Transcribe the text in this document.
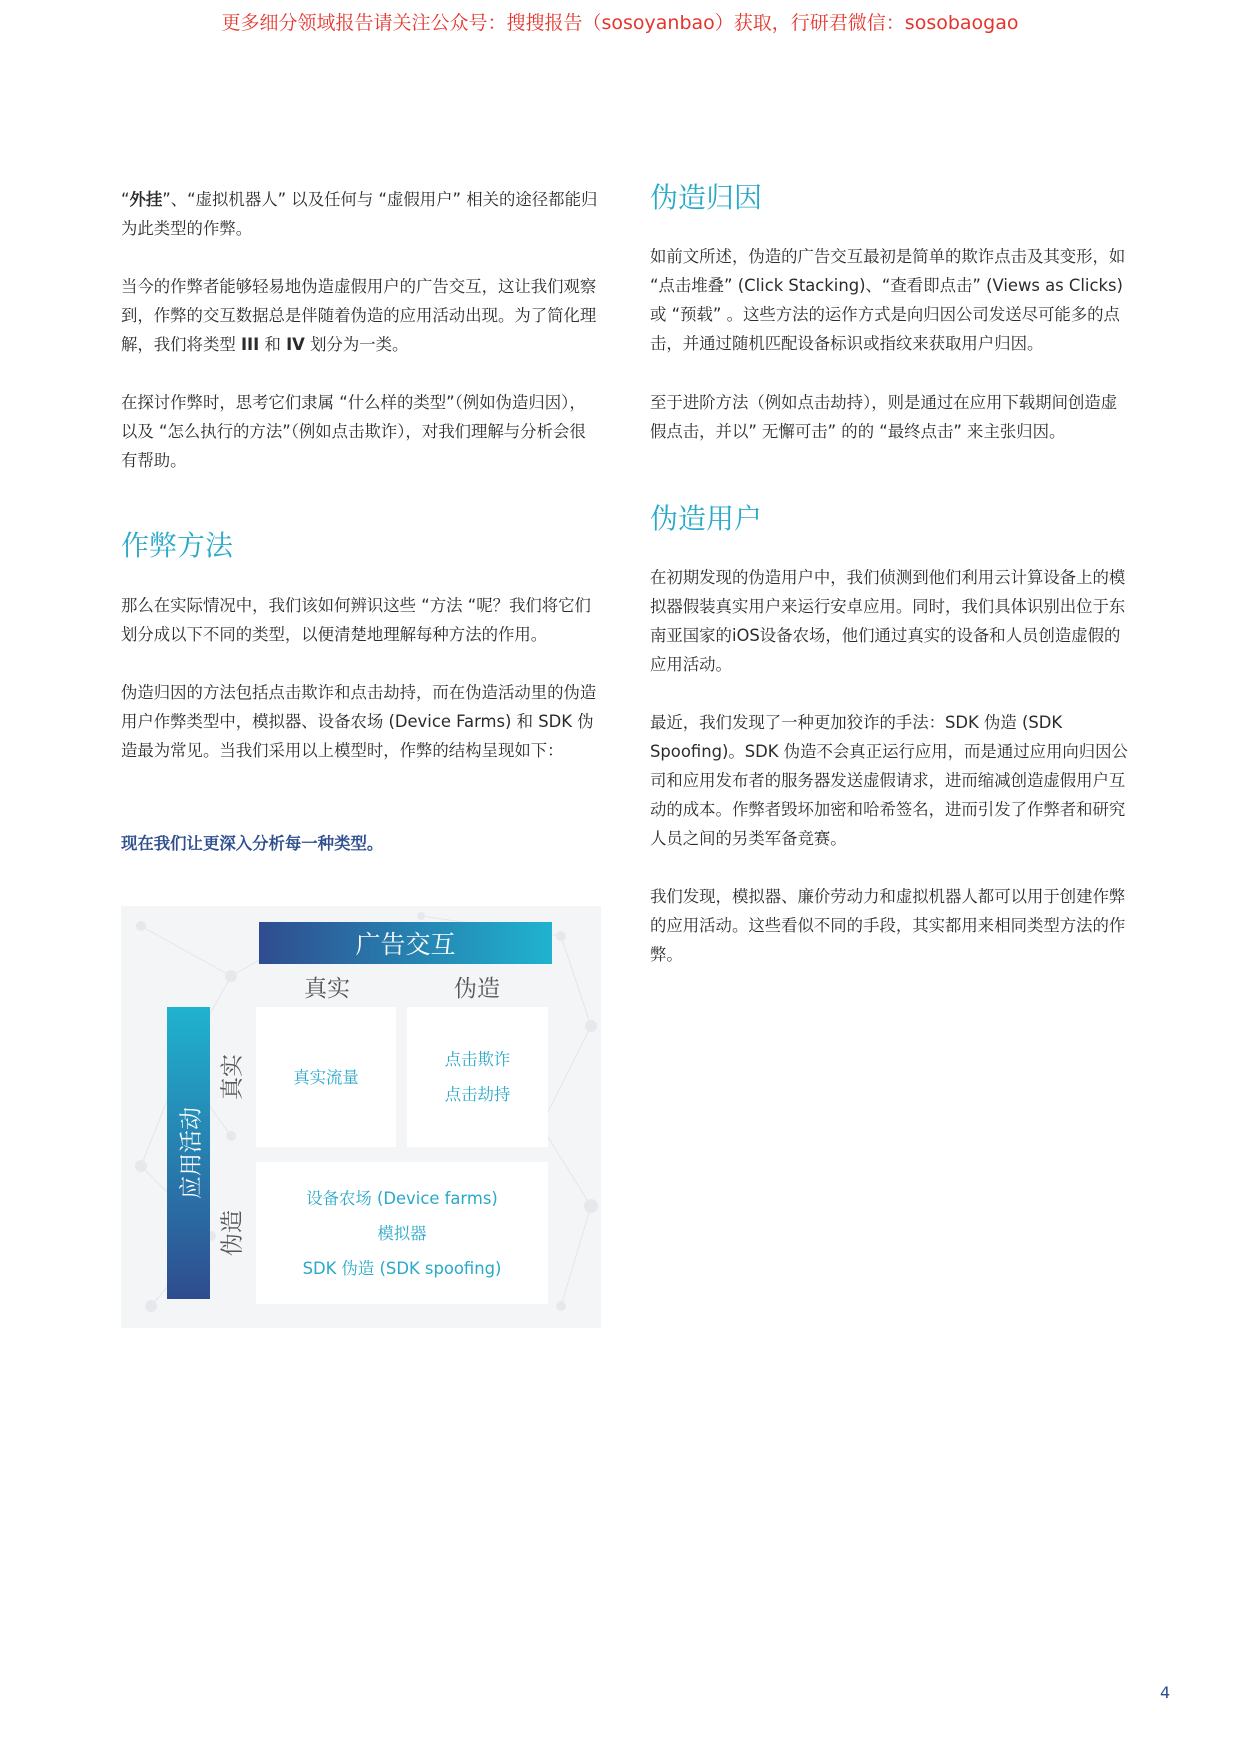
更多细分领域报告请关注公众号：搜搜报告（sosoyanbao）获取，行研君微信：sosobaogao

“外挂”、“虚拟机器人” 以及任何与 “虚假用户” 相关的途径都能归为此类型的作弊。

当今的作弊者能够轻易地伪造虚假用户的广告交互，这让我们观察到，作弊的交互数据总是伴随着伪造的应用活动出现。为了简化理解，我们将类型 III 和 IV 划分为一类。

在探讨作弊时，思考它们隶属 “什么样的类型”（例如伪造归因），以及 “怎么执行的方法”（例如点击欺诈），对我们理解与分析会很有帮助。

作弊方法

那么在实际情况中，我们该如何辨识这些 “方法 “呢？我们将它们划分成以下不同的类型，以便清楚地理解每种方法的作用。

伪造归因的方法包括点击欺诈和点击劫持，而在伪造活动里的伪造用户作弊类型中，模拟器、设备农场 (Device Farms) 和 SDK 伪造最为常见。当我们采用以上模型时，作弊的结构呈现如下：

现在我们让更深入分析每一种类型。

广告交互
真实	伪造
应用活动
真实
伪造
真实流量
点击欺诈
点击劫持
设备农场 (Device farms)
模拟器
SDK 伪造 (SDK spoofing)
伪造归因

如前文所述，伪造的广告交互最初是简单的欺诈点击及其变形，如 “点击堆叠” (Click Stacking)、“查看即点击” (Views as Clicks) 或 “预载” 。这些方法的运作方式是向归因公司发送尽可能多的点击，并通过随机匹配设备标识或指纹来获取用户归因。

至于进阶方法（例如点击劫持），则是通过在应用下载期间创造虚假点击，并以” 无懈可击” 的的 “最终点击” 来主张归因。

伪造用户

在初期发现的伪造用户中，我们侦测到他们利用云计算设备上的模拟器假装真实用户来运行安卓应用。同时，我们具体识别出位于东南亚国家的iOS设备农场，他们通过真实的设备和人员创造虚假的应用活动。

最近，我们发现了一种更加狡诈的手法：SDK 伪造 (SDK Spoofing)。SDK 伪造不会真正运行应用，而是通过应用向归因公司和应用发布者的服务器发送虚假请求，进而缩减创造虚假用户互动的成本。作弊者毁坏加密和哈希签名，进而引发了作弊者和研究人员之间的另类军备竞赛。

我们发现，模拟器、廉价劳动力和虚拟机器人都可以用于创建作弊的应用活动。这些看似不同的手段，其实都用来相同类型方法的作弊。

4
